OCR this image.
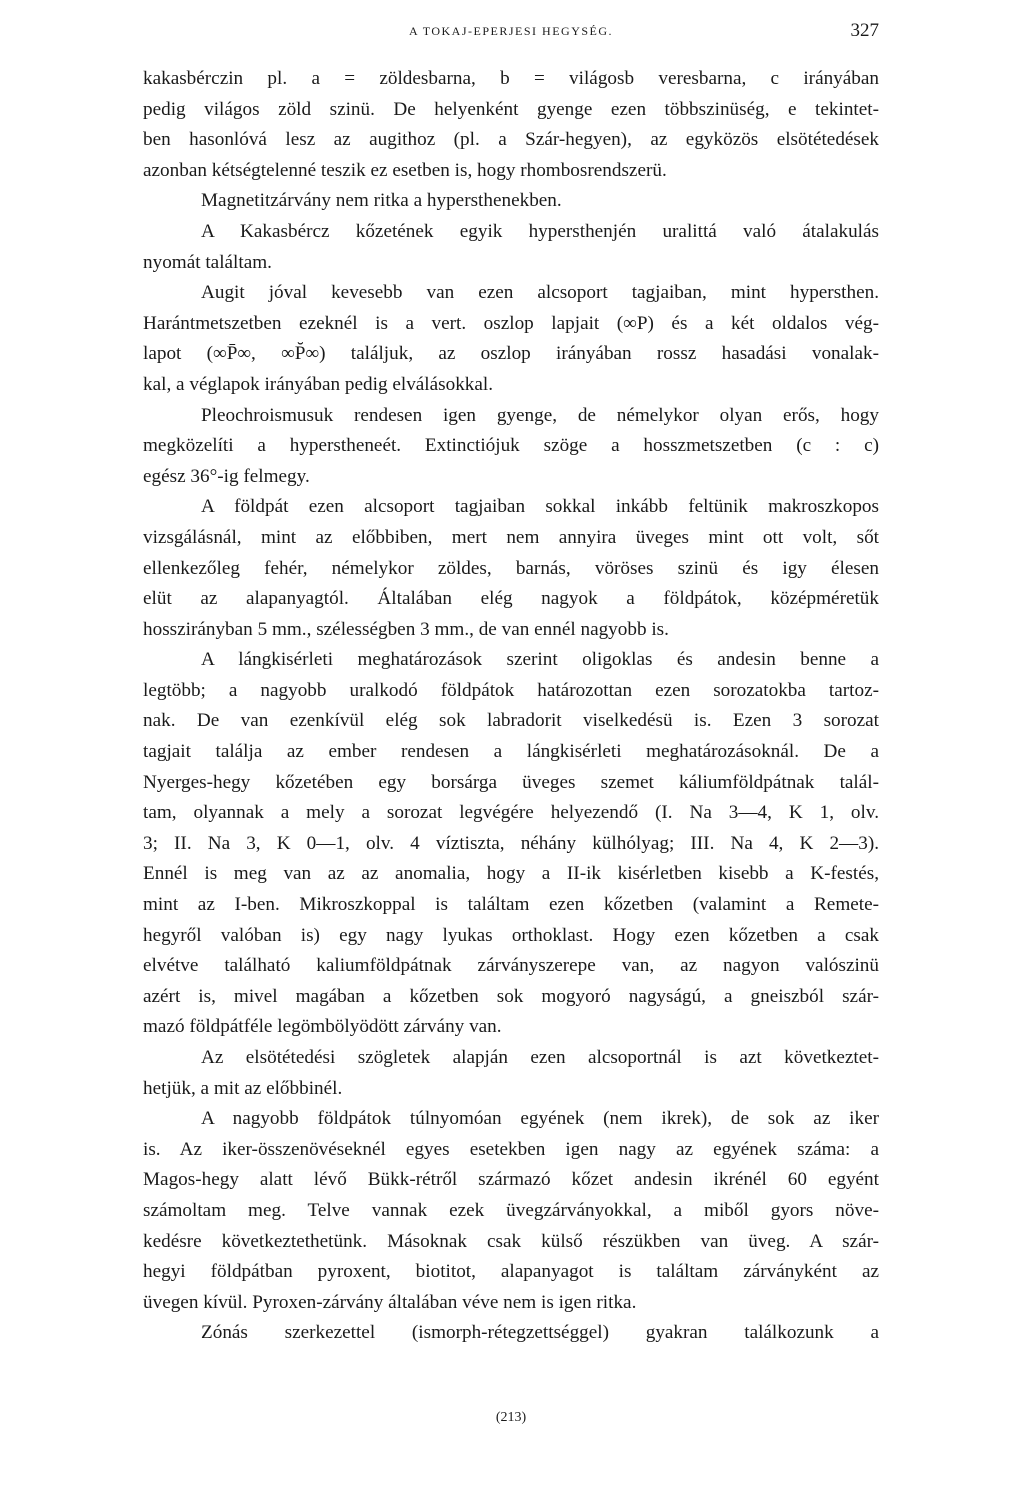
A TOKAJ-EPERJESI HEGYSÉG.	327
kakasbérczin pl. a = zöldesbarna, b = világosb veresbarna, c irányában
pedig világos zöld szinü. De helyenként gyenge ezen többszinüség, e tekintet-
ben hasonlóvá lesz az augithoz (pl. a Szár-hegyen), az egyközös elsötétedések
azonban kétségtelenné teszik ez esetben is, hogy rhombosrendszerü.
Magnetitzárvány nem ritka a hypersthenekben.
A Kakasbércz kőzetének egyik hypersthenjén uralittá való átalakulás
nyomát találtam.
Augit jóval kevesebb van ezen alcsoport tagjaiban, mint hypersthen.
Harántmetszetben ezeknél is a vert. oszlop lapjait (∞P) és a két oldalos vég-
lapot (∞P̄∞, ∞P̆∞) találjuk, az oszlop irányában rossz hasadási vonalak-
kal, a véglapok irányában pedig elválásokkal.
Pleochroismusuk rendesen igen gyenge, de némelykor olyan erős, hogy
megközelíti a hyperstheneét. Extinctiójuk szöge a hosszmetszetben (c : c)
egész 36°-ig felmegy.
A földpát ezen alcsoport tagjaiban sokkal inkább feltünik makroszkopos
vizsgálásnál, mint az előbbiben, mert nem annyira üveges mint ott volt, sőt
ellenkezőleg fehér, némelykor zöldes, barnás, vöröses szinü és igy élesen
elüt az alapanyagtól. Általában elég nagyok a földpátok, középméretük
hosszirányban 5 mm., szélességben 3 mm., de van ennél nagyobb is.
A lángkisérleti meghatározások szerint oligoklas és andesin benne a
legtöbb; a nagyobb uralkodó földpátok határozottan ezen sorozatokba tartoz-
nak. De van ezenkívül elég sok labradorit viselkedésü is. Ezen 3 sorozat
tagjait találja az ember rendesen a lángkisérleti meghatározásoknál. De a
Nyerges-hegy kőzetében egy borsárga üveges szemet káliumföldpátnak talál-
tam, olyannak a mely a sorozat legvégére helyezendő (I. Na 3—4, K 1, olv.
3; II. Na 3, K 0—1, olv. 4 víztiszta, néhány külhólyag; III. Na 4, K 2—3).
Ennél is meg van az az anomalia, hogy a II-ik kisérletben kisebb a K-festés,
mint az I-ben. Mikroszkoppal is találtam ezen kőzetben (valamint a Remete-
hegyről valóban is) egy nagy lyukas orthoklast. Hogy ezen kőzetben a csak
elvétve található kaliumföldpátnak zárványszerepe van, az nagyon valószinü
azért is, mivel magában a kőzetben sok mogyoró nagyságú, a gneiszból szár-
mazó földpátféle legömbölyödött zárvány van.
Az elsötétedési szögletek alapján ezen alcsoportnál is azt következtet-
hetjük, a mit az előbbinél.
A nagyobb földpátok túlnyomóan egyének (nem ikrek), de sok az iker
is. Az iker-összenövéseknél egyes esetekben igen nagy az egyének száma: a
Magos-hegy alatt lévő Bükk-rétről származó kőzet andesin ikrénél 60 egyént
számoltam meg. Telve vannak ezek üvegzárványokkal, a miből gyors növe-
kedésre következtethetünk. Másoknak csak külső részükben van üveg. A szár-
hegyi földpátban pyroxent, biotitot, alapanyagot is találtam zárványként az
üvegen kívül. Pyroxen-zárvány általában véve nem is igen ritka.
Zónás szerkezettel (ismorph-rétegzettséggel) gyakran találkozunk a
(213)
